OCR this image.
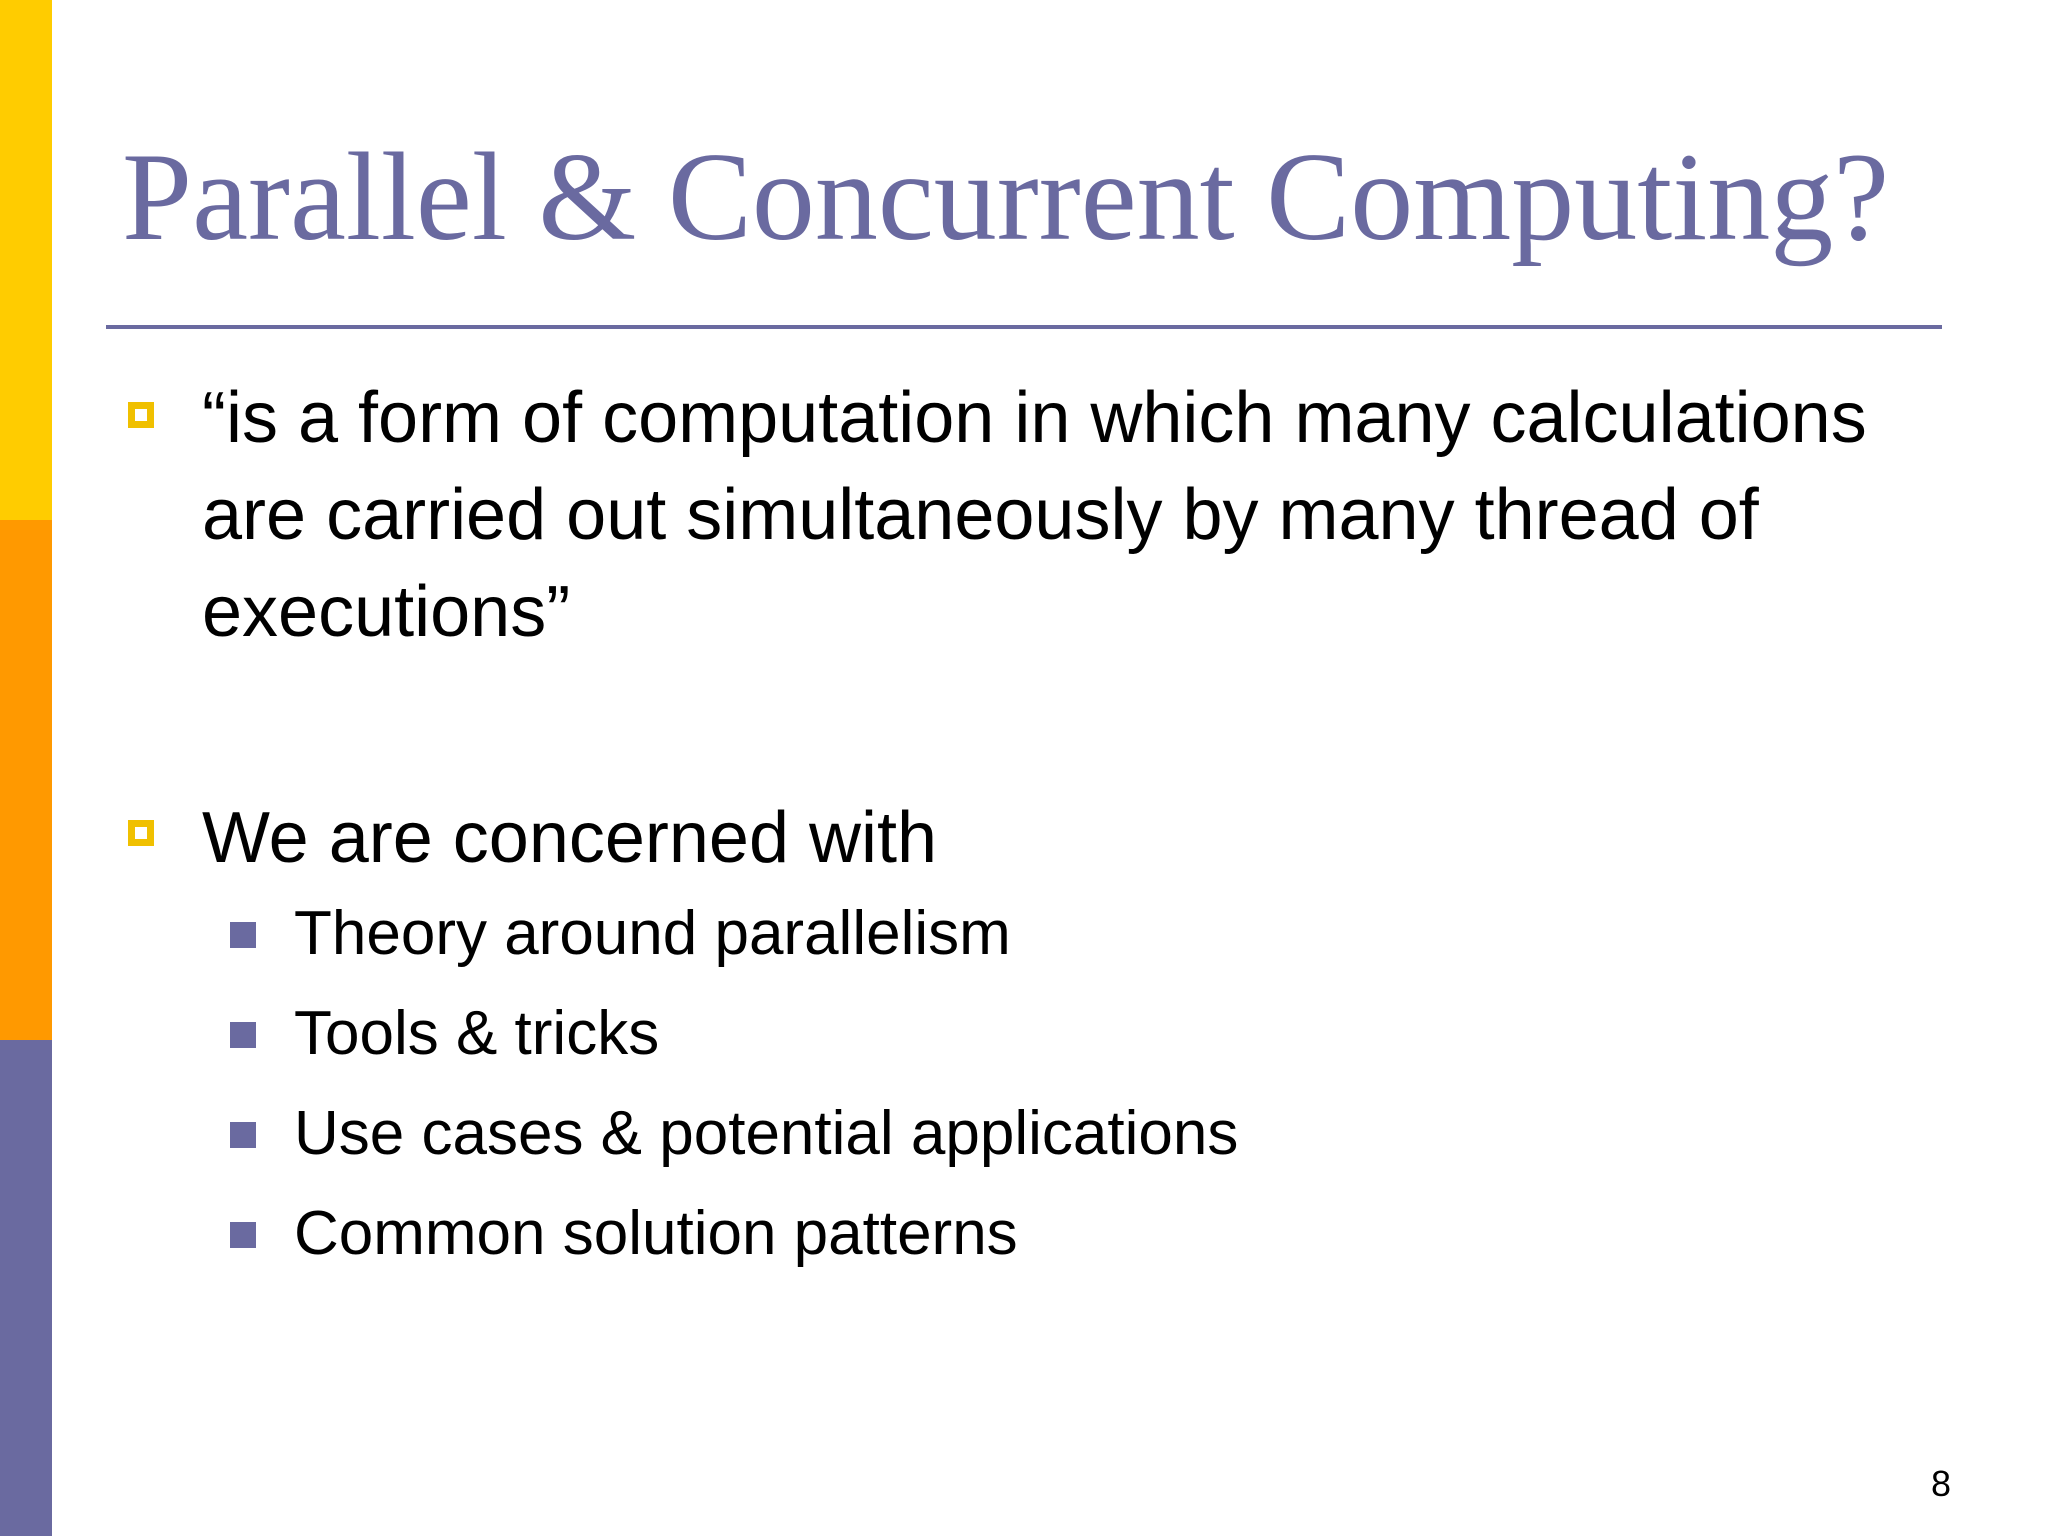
Parallel & Concurrent Computing?

“is a form of computation in which many calculations are carried out simultaneously by many thread of executions”

We are concerned with

Theory around parallelism
Tools & tricks
Use cases & potential applications
Common solution patterns
8
